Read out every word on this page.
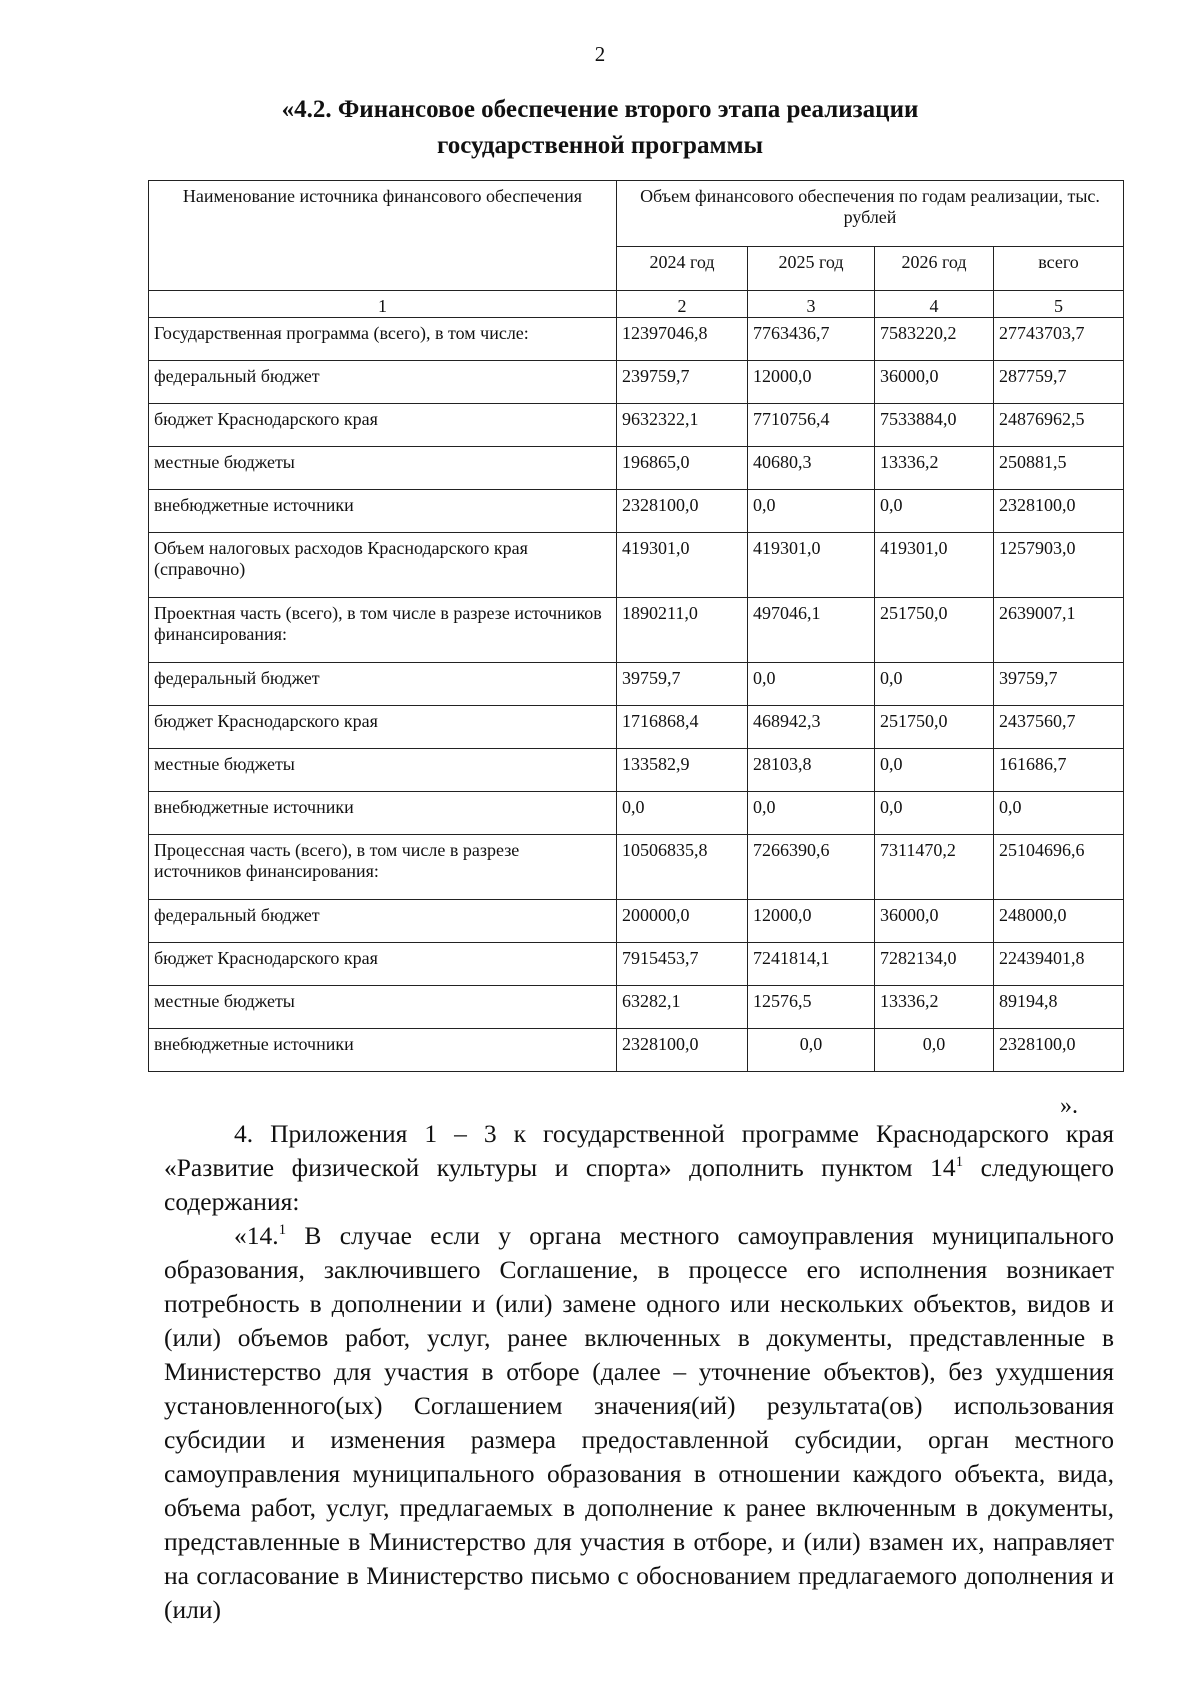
2
«4.2. Финансовое обеспечение второго этапа реализации
государственной программы
Наименование источника финансового обеспечения	Объем финансового обеспечения по годам реализации, тыс. рублей			
	2024 год	2025 год	2026 год	всего
1	2	3	4	5
Государственная программа (всего), в том числе:	12397046,8	7763436,7	7583220,2	27743703,7
федеральный бюджет	239759,7	12000,0	36000,0	287759,7
бюджет Краснодарского края	9632322,1	7710756,4	7533884,0	24876962,5
местные бюджеты	196865,0	40680,3	13336,2	250881,5
внебюджетные источники	2328100,0	0,0	0,0	2328100,0
Объем налоговых расходов Краснодарского края (справочно)	419301,0	419301,0	419301,0	1257903,0
Проектная часть (всего), в том числе в разрезе источников финансирования:	1890211,0	497046,1	251750,0	2639007,1
федеральный бюджет	39759,7	0,0	0,0	39759,7
бюджет Краснодарского края	1716868,4	468942,3	251750,0	2437560,7
местные бюджеты	133582,9	28103,8	0,0	161686,7
внебюджетные источники	0,0	0,0	0,0	0,0
Процессная часть (всего), в том числе в разрезе источников финансирования:	10506835,8	7266390,6	7311470,2	25104696,6
федеральный бюджет	200000,0	12000,0	36000,0	248000,0
бюджет Краснодарского края	7915453,7	7241814,1	7282134,0	22439401,8
местные бюджеты	63282,1	12576,5	13336,2	89194,8
внебюджетные источники	2328100,0	0,0	0,0	2328100,0
».

4. Приложения 1 – 3 к государственной программе Краснодарского края «Развитие физической культуры и спорта» дополнить пунктом $14^1$ следующего содержания:

«14.$^1$ В случае если у органа местного самоуправления муниципального образования, заключившего Соглашение, в процессе его исполнения возникает потребность в дополнении и (или) замене одного или нескольких объектов, видов и (или) объемов работ, услуг, ранее включенных в документы, представленные в Министерство для участия в отборе (далее – уточнение объектов), без ухудшения установленного(ых) Соглашением значения(ий) результата(ов) использования субсидии и изменения размера предоставленной субсидии, орган местного самоуправления муниципального образования в отношении каждого объекта, вида, объема работ, услуг, предлагаемых в дополнение к ранее включенным в документы, представленные в Министерство для участия в отборе, и (или) взамен их, направляет на согласование в Министерство письмо с обоснованием предлагаемого дополнения и (или)
